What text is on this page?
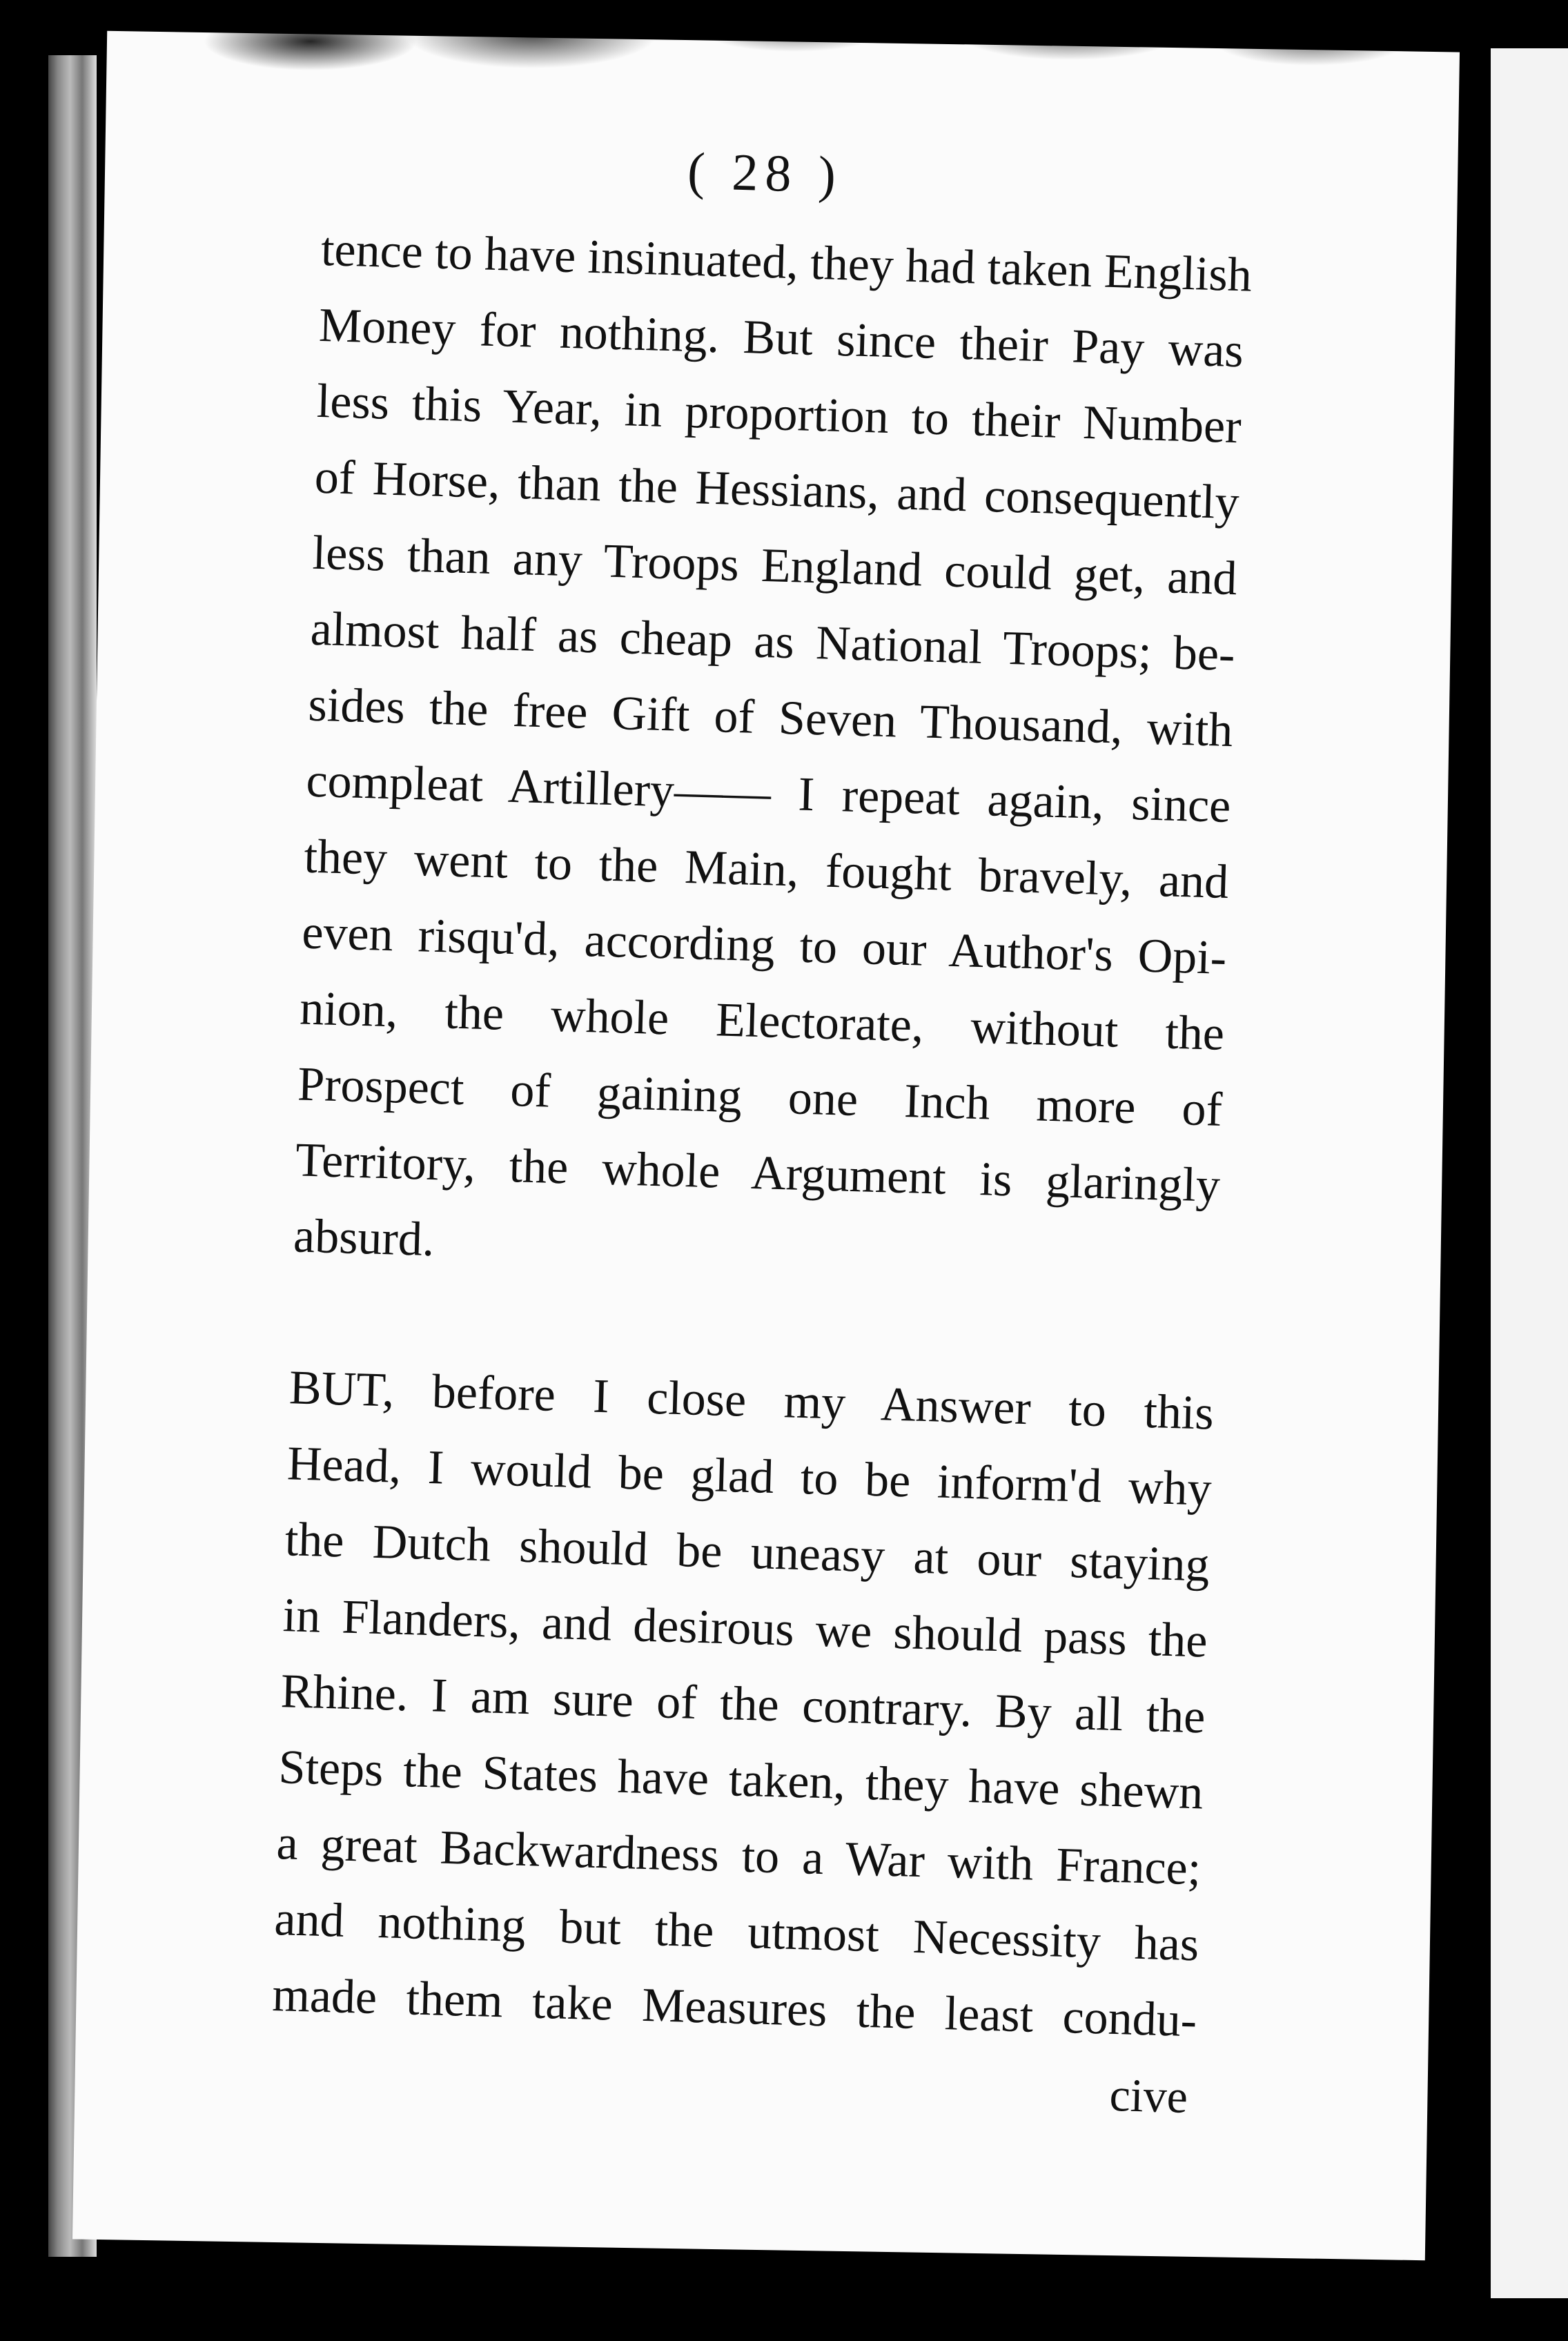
( 28 )

tence to have insinuated, they had taken English

Money for nothing. But since their Pay was

less this Year, in proportion to their Number

of Horse, than the Hessians, and consequently

less than any Troops England could get, and

almost half as cheap as National Troops; be-

sides the free Gift of Seven Thousand, with

compleat Artillery—— I repeat again, since

they went to the Main, fought bravely, and

even risqu'd, according to our Author's Opi-

nion, the whole Electorate, without the

Prospect of gaining one Inch more of

Territory, the whole Argument is glaringly

absurd.

BUT, before I close my Answer to this

Head, I would be glad to be inform'd why

the Dutch should be uneasy at our staying

in Flanders, and desirous we should pass the

Rhine. I am sure of the contrary. By all the

Steps the States have taken, they have shewn

a great Backwardness to a War with France;

and nothing but the utmost Necessity has

made them take Measures the least condu-

cive
